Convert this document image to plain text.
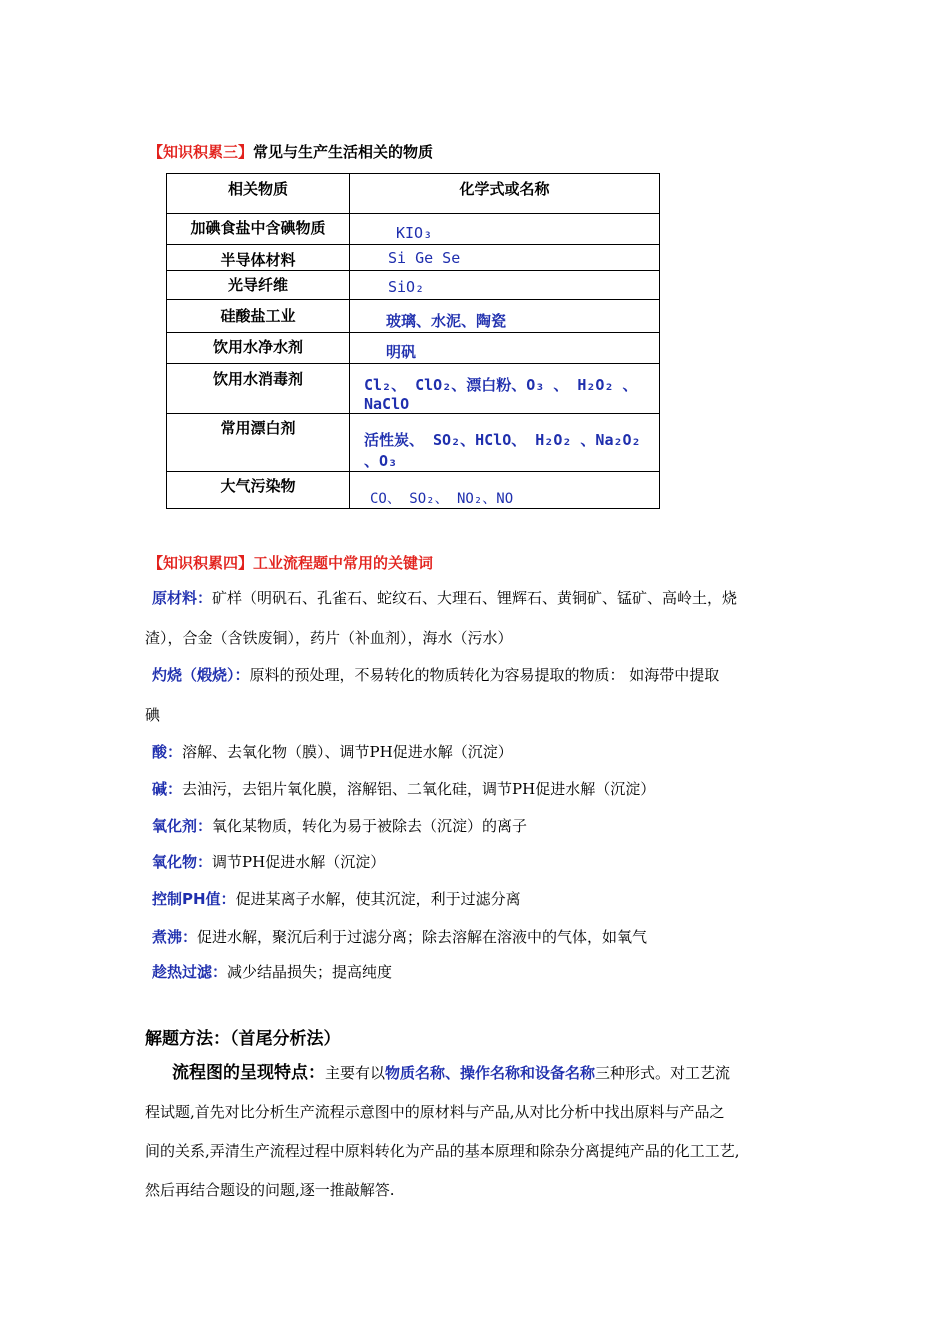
【知识积累三】常见与生产生活相关的物质
相关物质	化学式或名称
加碘食盐中含碘物质	KIO₃
半导体材料	Si Ge Se
光导纤维	SiO₂
硅酸盐工业	玻璃、水泥、陶瓷
饮用水净水剂	明矾
饮用水消毒剂	Cl₂、 ClO₂、漂白粉、O₃ 、 H₂O₂ 、NaClO
常用漂白剂	活性炭、 SO₂、HClO、 H₂O₂ 、Na₂O₂ 、O₃
大气污染物	CO、 SO₂、 NO₂、NO
【知识积累四】工业流程题中常用的关键词
原材料：矿样（明矾石、孔雀石、蛇纹石、大理石、锂辉石、黄铜矿、锰矿、高岭土，烧
渣），合金（含铁废铜），药片（补血剂），海水（污水）
灼烧（煅烧）：原料的预处理，不易转化的物质转化为容易提取的物质： 如海带中提取
碘
酸：溶解、去氧化物（膜）、调节PH促进水解（沉淀）
碱：去油污，去铝片氧化膜，溶解铝、二氧化硅，调节PH促进水解（沉淀）
氧化剂：氧化某物质，转化为易于被除去（沉淀）的离子
氧化物：调节PH促进水解（沉淀）
控制PH值：促进某离子水解，使其沉淀，利于过滤分离
煮沸：促进水解，聚沉后利于过滤分离；除去溶解在溶液中的气体，如氧气
趁热过滤：减少结晶损失；提高纯度
解题方法：（首尾分析法）

流程图的呈现特点：主要有以物质名称、操作名称和设备名称三种形式。对工艺流

程试题,首先对比分析生产流程示意图中的原材料与产品,从对比分析中找出原料与产品之

间的关系,弄清生产流程过程中原料转化为产品的基本原理和除杂分离提纯产品的化工工艺,

然后再结合题设的问题,逐一推敲解答.
